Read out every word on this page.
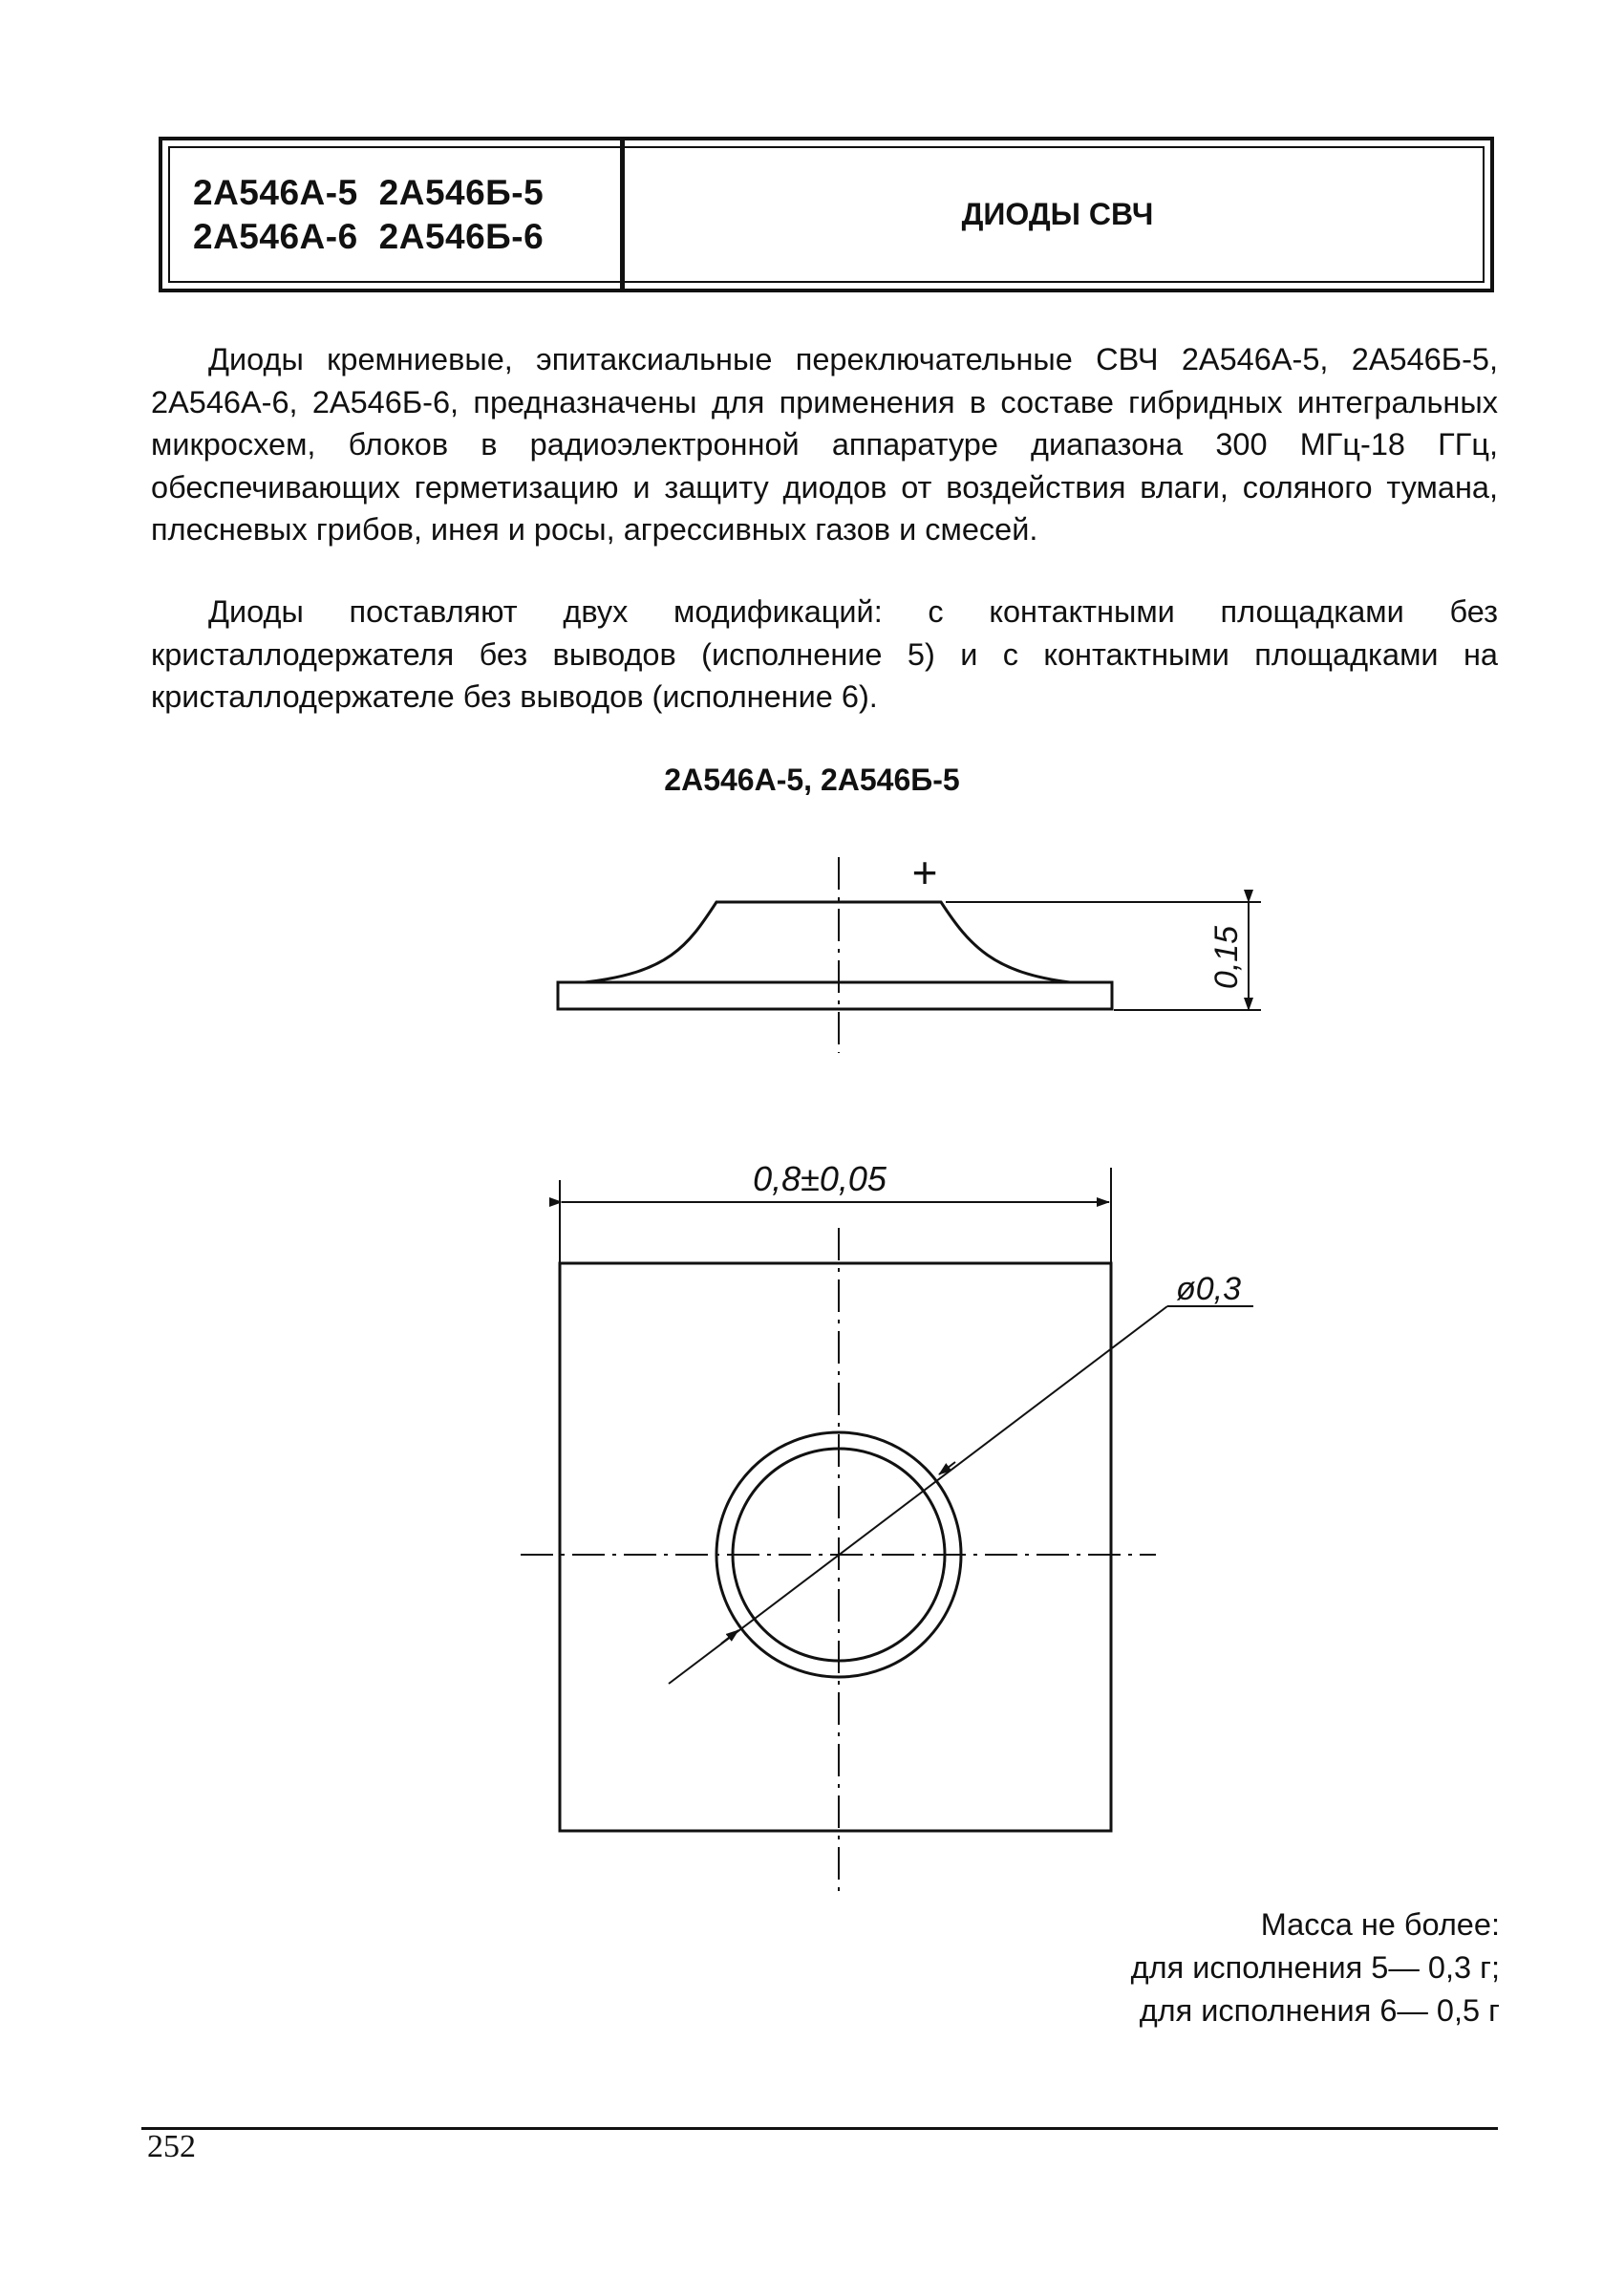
2А546А-5 2А546Б-5
2А546А-6 2А546Б-6
ДИОДЫ СВЧ

Диоды кремниевые, эпитаксиальные переключательные СВЧ 2А546А-5, 2А546Б-5, 2А546А-6, 2А546Б-6, предназначены для применения в составе гибридных интегральных микросхем, блоков в радиоэлектронной аппаратуре диапазона 300 МГц-18 ГГц, обеспечивающих герметизацию и защиту диодов от воздействия влаги, соляного тумана, плесневых грибов, инея и росы, агрессивных газов и смесей.

Диоды поставляют двух модификаций: с контактными площадками без кристаллодержателя без выводов (исполнение 5) и с контактными площадками на кристаллодержателе без выводов (исполнение 6).

2А546А-5, 2А546Б-5
+
0,15
0,8±0,05
ø0,3
Масса не более:
для исполнения 5— 0,3 г;
для исполнения 6— 0,5 г
252
